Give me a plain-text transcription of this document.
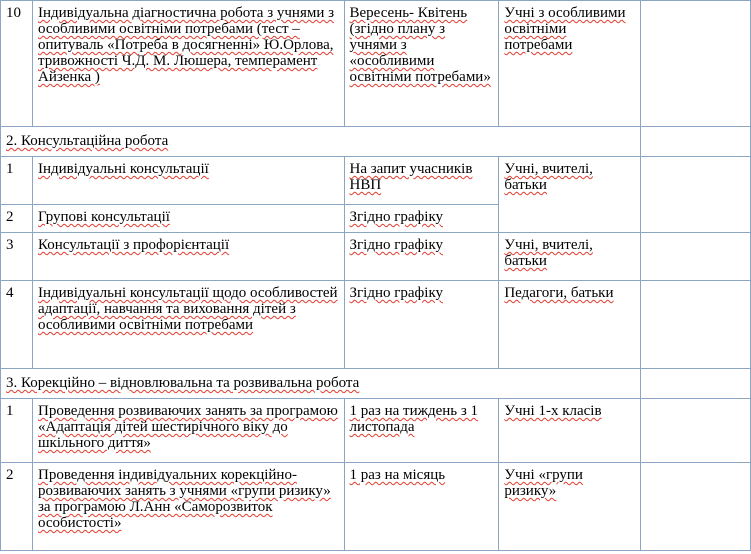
10	Індивідуальна діагностична робота з учнями з особливими освітніми потребами (тест –опитуваль «Потреба в досягненні» Ю.Орлова, тривожності Ч.Д. М. Люшера, темперамент Айзенка )	Вересень- Квітень (згідно плану з учнями з «особливими освітніми потребами»	Учні з особливими освітніми потребами	
2. Консультаційна робота				
1	Індивідуальні консультації	На запит учасників НВП	Учні, вчителі, батьки	
2	Групові консультації	Згідно графіку		
3	Консультації з профорієнтації	Згідно графіку	Учні, вчителі, батьки	
4	Індивідуальні консультації щодо особливостей адаптації, навчання та виховання дітей з особливими освітніми потребами	Згідно графіку	Педагоги, батьки	
3. Корекційно – відновлювальна та розвивальна робота				
1	Проведення розвиваючих занять за програмою «Адаптація дітей шестирічного віку до шкільного диття»	1 раз на тиждень з 1 листопада	Учні 1-х класів	
2	Проведення індивідуальних корекційно-розвиваючих занять з учнями «групи ризику» за програмою Л.Анн «Саморозвиток особистості»	1 раз на місяць	Учні «групи ризику»	
